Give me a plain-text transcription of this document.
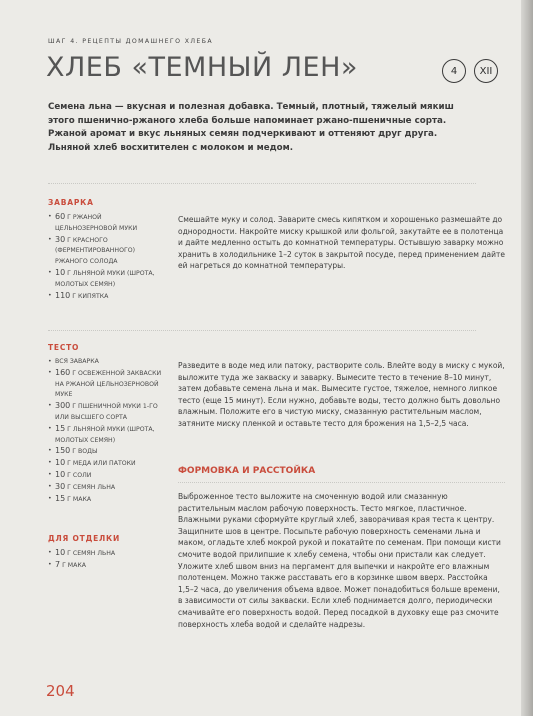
ШАГ 4. РЕЦЕПТЫ ДОМАШНЕГО ХЛЕБА
ХЛЕБ «ТЕМНЫЙ ЛЕН»	4	XII

Семена льна — вкусная и полезная добавка. Темный, плотный, тяжелый мякиш этого пшенично-ржаного хлеба больше напоминает ржано-пшеничные сорта. Ржаной аромат и вкус льняных семян подчеркивают и оттеняют друг друга. Льняной хлеб восхитителен с молоком и медом.

ЗАВАРКА
• 60 Г РЖАНОЙ ЦЕЛЬНОЗЕРНОВОЙ МУКИ
• 30 Г КРАСНОГО (ФЕРМЕНТИРОВАННОГО) РЖАНОГО СОЛОДА
• 10 Г ЛЬНЯНОЙ МУКИ (ШРОТА, МОЛОТЫХ СЕМЯН)
• 110 Г КИПЯТКА

Смешайте муку и солод. Заварите смесь кипятком и хорошенько размешайте до однородности. Накройте миску крышкой или фольгой, закутайте ее в полотенца и дайте медленно остыть до комнатной температуры. Остывшую заварку можно хранить в холодильнике 1–2 суток в закрытой посуде, перед применением дайте ей нагреться до комнатной температуры.

ТЕСТО
• ВСЯ ЗАВАРКА
• 160 Г ОСВЕЖЕННОЙ ЗАКВАСКИ НА РЖАНОЙ ЦЕЛЬНОЗЕРНОВОЙ МУКЕ
• 300 Г ПШЕНИЧНОЙ МУКИ 1-ГО ИЛИ ВЫСШЕГО СОРТА
• 15 Г ЛЬНЯНОЙ МУКИ (ШРОТА, МОЛОТЫХ СЕМЯН)
• 150 Г ВОДЫ
• 10 Г МЕДА ИЛИ ПАТОКИ
• 10 Г СОЛИ
• 30 Г СЕМЯН ЛЬНА
• 15 Г МАКА

Разведите в воде мед или патоку, растворите соль. Влейте воду в миску с мукой, выложите туда же закваску и заварку. Вымесите тесто в течение 8–10 минут, затем добавьте семена льна и мак. Вымесите густое, тяжелое, немного липкое тесто (еще 15 минут). Если нужно, добавьте воды, тесто должно быть довольно влажным. Положите его в чистую миску, смазанную растительным маслом, затяните миску пленкой и оставьте тесто для брожения на 1,5–2,5 часа.

ДЛЯ ОТДЕЛКИ
• 10 Г СЕМЯН ЛЬНА
• 7 Г МАКА
ФОРМОВКА И РАССТОЙКА

Выброженное тесто выложите на смоченную водой или смазанную растительным маслом рабочую поверхность. Тесто мягкое, пластичное. Влажными руками сформуйте круглый хлеб, заворачивая края теста к центру. Защипните шов в центре. Посыпьте рабочую поверхность семенами льна и маком, огладьте хлеб мокрой рукой и покатайте по семенам. При помощи кисти смочите водой прилипшие к хлебу семена, чтобы они пристали как следует. Уложите хлеб швом вниз на пергамент для выпечки и накройте его влажным полотенцем. Можно также расставать его в корзинке швом вверх. Расстойка 1,5–2 часа, до увеличения объема вдвое. Может понадобиться больше времени, в зависимости от силы закваски. Если хлеб поднимается долго, периодически смачивайте его поверхность водой. Перед посадкой в духовку еще раз смочите поверхность хлеба водой и сделайте надрезы.

204
